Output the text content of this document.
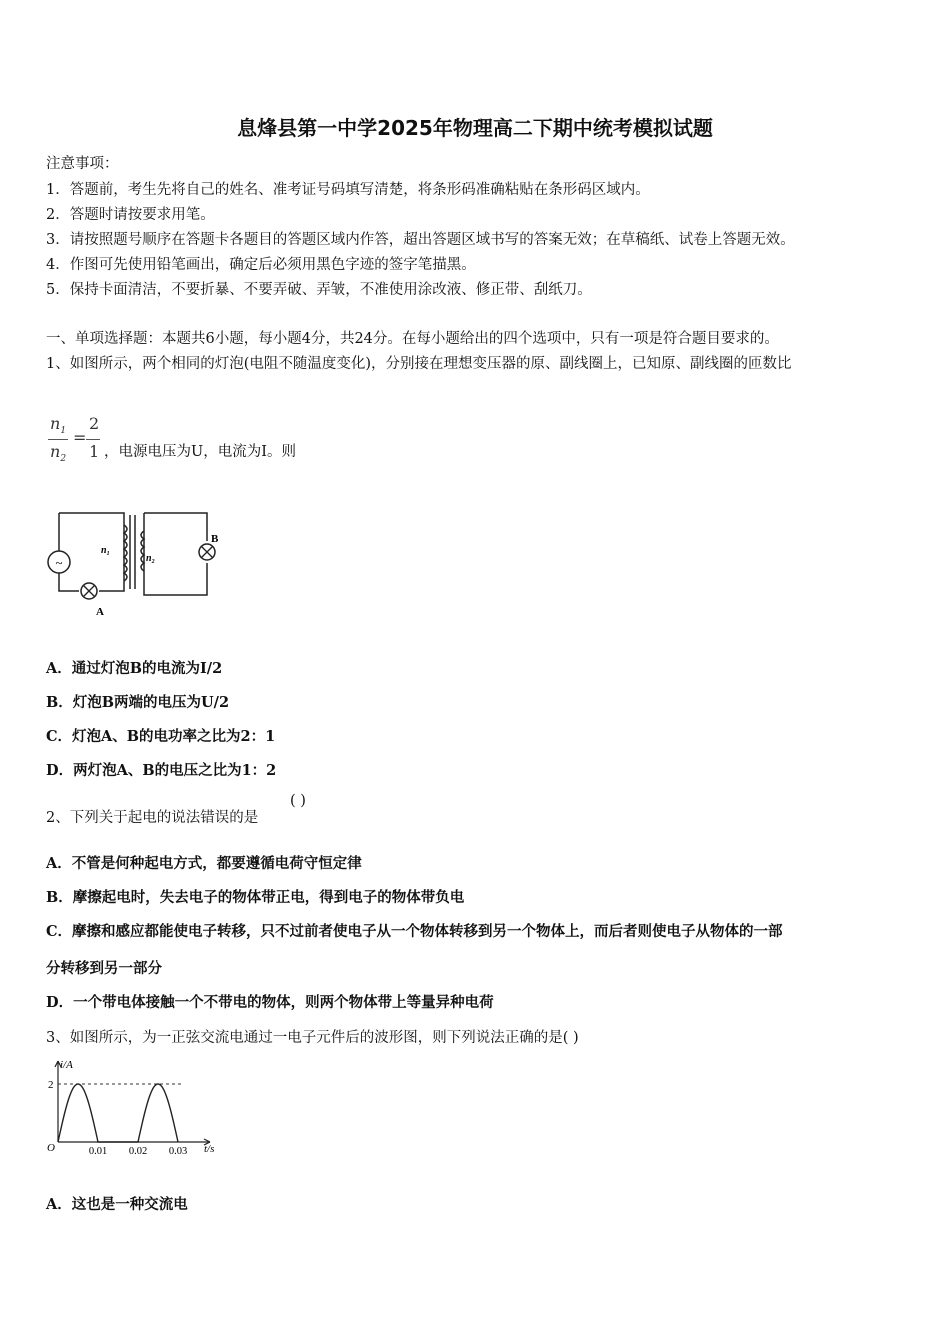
息烽县第一中学2025年物理高二下期中统考模拟试题
注意事项：
1．答题前，考生先将自己的姓名、准考证号码填写清楚，将条形码准确粘贴在条形码区域内。
2．答题时请按要求用笔。
3．请按照题号顺序在答题卡各题目的答题区域内作答，超出答题区域书写的答案无效；在草稿纸、试卷上答题无效。
4．作图可先使用铅笔画出，确定后必须用黑色字迹的签字笔描黑。
5．保持卡面清洁，不要折暴、不要弄破、弄皱，不准使用涂改液、修正带、刮纸刀。
一、单项选择题：本题共6小题，每小题4分，共24分。在每小题给出的四个选项中，只有一项是符合题目要求的。
1、如图所示，两个相同的灯泡(电阻不随温度变化)，分别接在理想变压器的原、副线圈上，已知原、副线圈的匝数比
$n_1$
$n_2$
=
2
1 ，电源电压为U，电流为I。则
~
n₁
n₂
A
B
A．通过灯泡B的电流为I/2
B．灯泡B两端的电压为U/2
C．灯泡A、B的电功率之比为2：1
D．两灯泡A、B的电压之比为1：2
2、下列关于起电的说法错误的是
( )
A．不管是何种起电方式，都要遵循电荷守恒定律
B．摩擦起电时，失去电子的物体带正电，得到电子的物体带负电
C．摩擦和感应都能使电子转移，只不过前者使电子从一个物体转移到另一个物体上，而后者则使电子从物体的一部
分转移到另一部分
D．一个带电体接触一个不带电的物体，则两个物体带上等量异种电荷
3、如图所示，为一正弦交流电通过一电子元件后的波形图，则下列说法正确的是( )
i/A
t/s
O
2
0.01 0.02 0.03
A．这也是一种交流电
